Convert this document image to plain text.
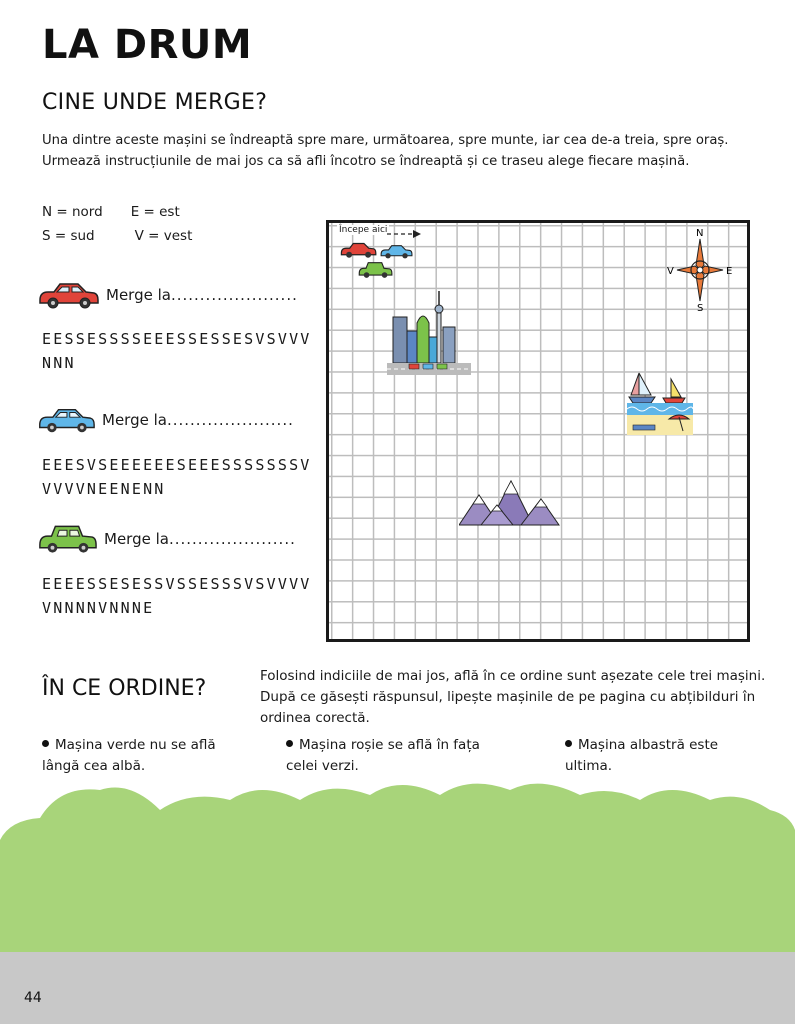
LA DRUM
CINE UNDE MERGE?
Una dintre aceste mașini se îndreaptă spre mare, următoarea, spre munte, iar cea de-a treia, spre oraș.
Urmează instrucțiunile de mai jos ca să afli încotro se îndreaptă și ce traseu alege fiecare mașină.
N = nord E = est
S = sud	V = vest
Merge la ......................
EESSESSSSEEESSESSESVSVVV
NNN
Merge la ......................
EEESVSEEEEEESEEESSSSSSSV
VVVVNEENENN
Merge la ......................
EEEESSESESSVSSESSSVSVVVV
VNNNNVNNNE
Începe aici	N
V	E
S
ÎN CE ORDINE?	Folosind indiciile de mai jos, află în ce ordine sunt așezate cele trei mașini. După ce găsești răspunsul, lipește mașinile de pe pagina cu abțibilduri în ordinea corectă.
Mașina verde nu se află lângă cea albă.
Mașina roșie se află în fața celei verzi.
Mașina albastră este ultima.
44
